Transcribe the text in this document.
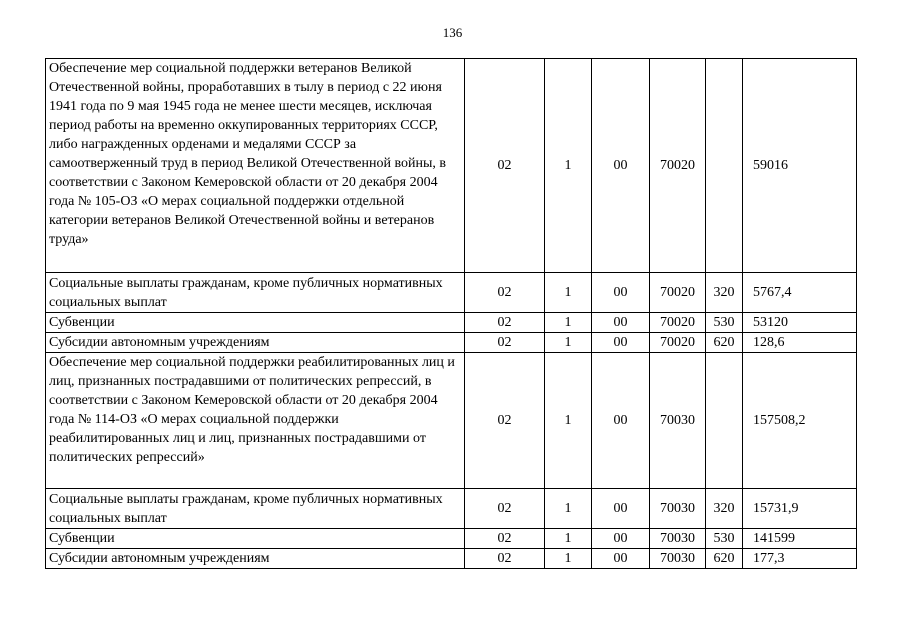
136
Обеспечение мер социальной поддержки ветеранов Великой Отечественной войны, проработавших в тылу в период с 22 июня 1941 года по 9 мая 1945 года не менее шести месяцев, исключая период работы на временно оккупированных территориях СССР, либо награжденных орденами и медалями СССР за самоотверженный труд в период Великой Отечественной войны, в соответствии с Законом Кемеровской области от 20 декабря 2004 года № 105-ОЗ «О мерах социальной поддержки отдельной категории ветеранов Великой Отечественной войны и ветеранов труда»	02	1	00	70020		59016
Социальные выплаты гражданам, кроме публичных нормативных социальных выплат	02	1	00	70020	320	5767,4
Субвенции	02	1	00	70020	530	53120
Субсидии автономным учреждениям	02	1	00	70020	620	128,6
Обеспечение мер социальной поддержки реабилитированных лиц и лиц, признанных пострадавшими от политических репрессий, в соответствии с Законом Кемеровской области от 20 декабря 2004 года № 114-ОЗ «О мерах социальной поддержки реабилитированных лиц и лиц, признанных пострадавшими от политических репрессий»	02	1	00	70030		157508,2
Социальные выплаты гражданам, кроме публичных нормативных социальных выплат	02	1	00	70030	320	15731,9
Субвенции	02	1	00	70030	530	141599
Субсидии автономным учреждениям	02	1	00	70030	620	177,3
